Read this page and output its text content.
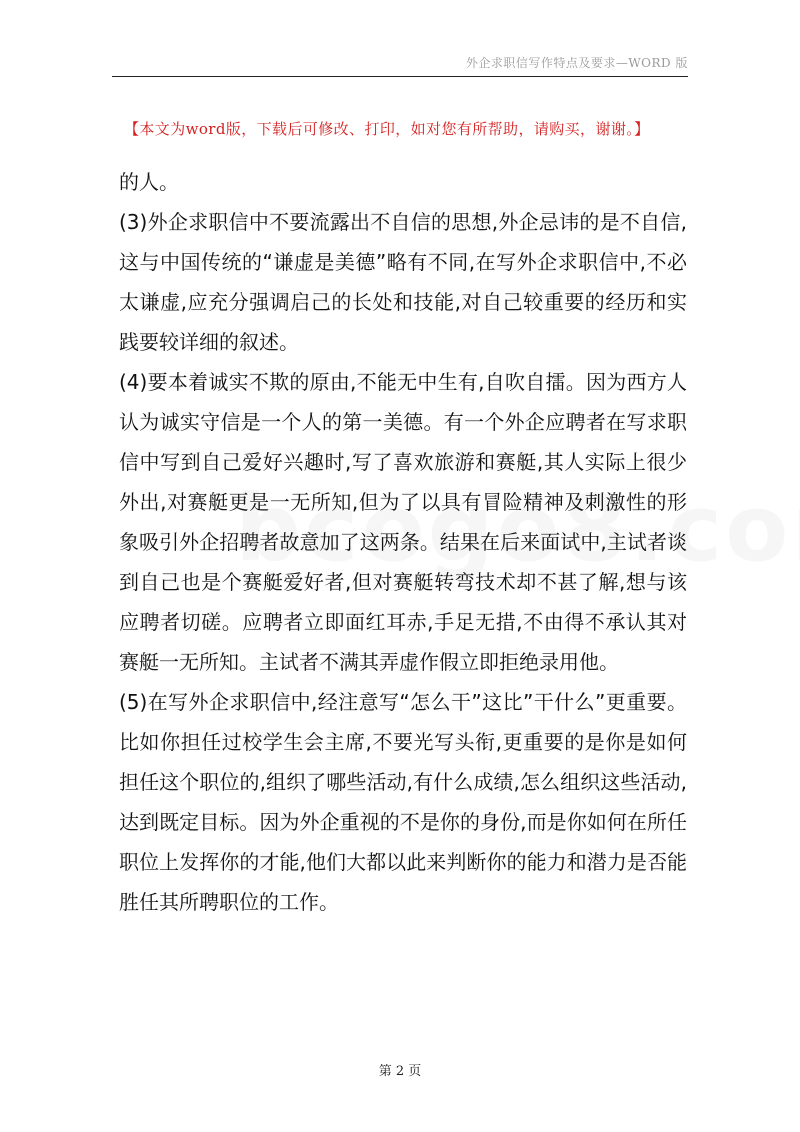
外企求职信写作特点及要求—WORD 版
【本文为word版，下载后可修改、打印，如对您有所帮助，请购买，谢谢。】

的人。

(3)外企求职信中不要流露出不自信的思想,外企忌讳的是不自信,这与中国传统的“谦虚是美德”略有不同,在写外企求职信中,不必太谦虚,应充分强调启己的长处和技能,对自己较重要的经历和实践要较详细的叙述。

(4)要本着诚实不欺的原由,不能无中生有,自吹自擂。因为西方人认为诚实守信是一个人的第一美德。有一个外企应聘者在写求职信中写到自己爱好兴趣时,写了喜欢旅游和赛艇,其人实际上很少外出,对赛艇更是一无所知,但为了以具有冒险精神及刺激性的形象吸引外企招聘者故意加了这两条。结果在后来面试中,主试者谈到自己也是个赛艇爱好者,但对赛艇转弯技术却不甚了解,想与该应聘者切磋。应聘者立即面红耳赤,手足无措,不由得不承认其对赛艇一无所知。主试者不满其弄虚作假立即拒绝录用他。

(5)在写外企求职信中,经注意写“怎么干”这比”干什么”更重要。比如你担任过校学生会主席,不要光写头衔,更重要的是你是如何担任这个职位的,组织了哪些活动,有什么成绩,怎么组织这些活动,达到既定目标。因为外企重视的不是你的身份,而是你如何在所任职位上发挥你的才能,他们大都以此来判断你的能力和潜力是否能胜任其所聘职位的工作。

第 2 页
